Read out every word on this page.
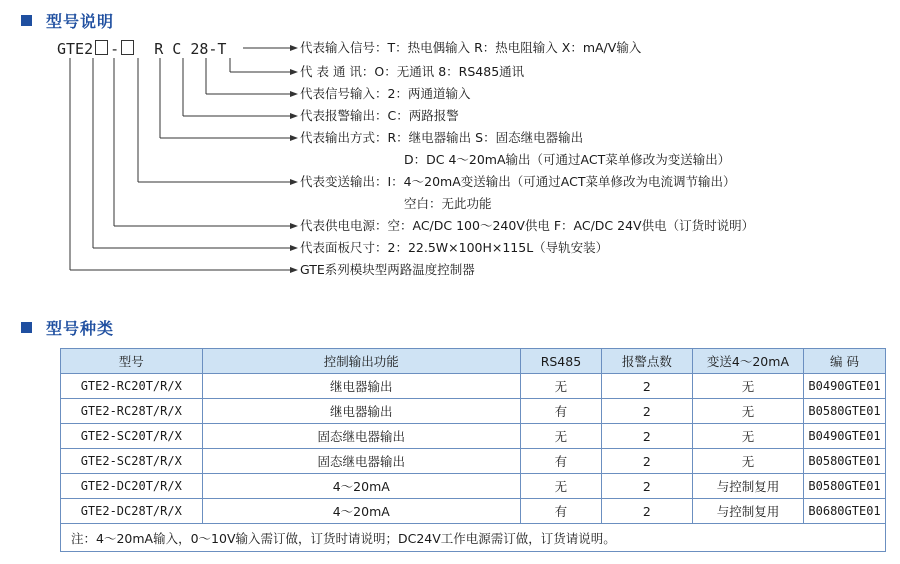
型号说明
GTE2 - R C 28-T	代表输入信号：T：热电偶输入 R：热电阻输入 X：mA/V输入
代 表 通 讯：O：无通讯 8：RS485通讯
代表信号输入：2：两通道输入
代表报警输出：C：两路报警
代表输出方式：R：继电器输出 S：固态继电器输出
D：DC 4～20mA输出（可通过ACT菜单修改为变送输出）
代表变送输出：I：4～20mA变送输出（可通过ACT菜单修改为电流调节输出）
空白：无此功能
代表供电电源：空：AC/DC 100～240V供电 F：AC/DC 24V供电（订货时说明）
代表面板尺寸：2：22.5W×100H×115L（导轨安装）
GTE系列模块型两路温度控制器
型号种类
型号	控制输出功能	RS485	报警点数	变送4～20mA	编 码
GTE2-RC20T/R/X	继电器输出	无	2	无	B0490GTE01
GTE2-RC28T/R/X	继电器输出	有	2	无	B0580GTE01
GTE2-SC20T/R/X	固态继电器输出	无	2	无	B0490GTE01
GTE2-SC28T/R/X	固态继电器输出	有	2	无	B0580GTE01
GTE2-DC20T/R/X	4～20mA	无	2	与控制复用	B0580GTE01
GTE2-DC28T/R/X	4～20mA	有	2	与控制复用	B0680GTE01
注：4～20mA输入，0～10V输入需订做，订货时请说明；DC24V工作电源需订做，订货请说明。					
